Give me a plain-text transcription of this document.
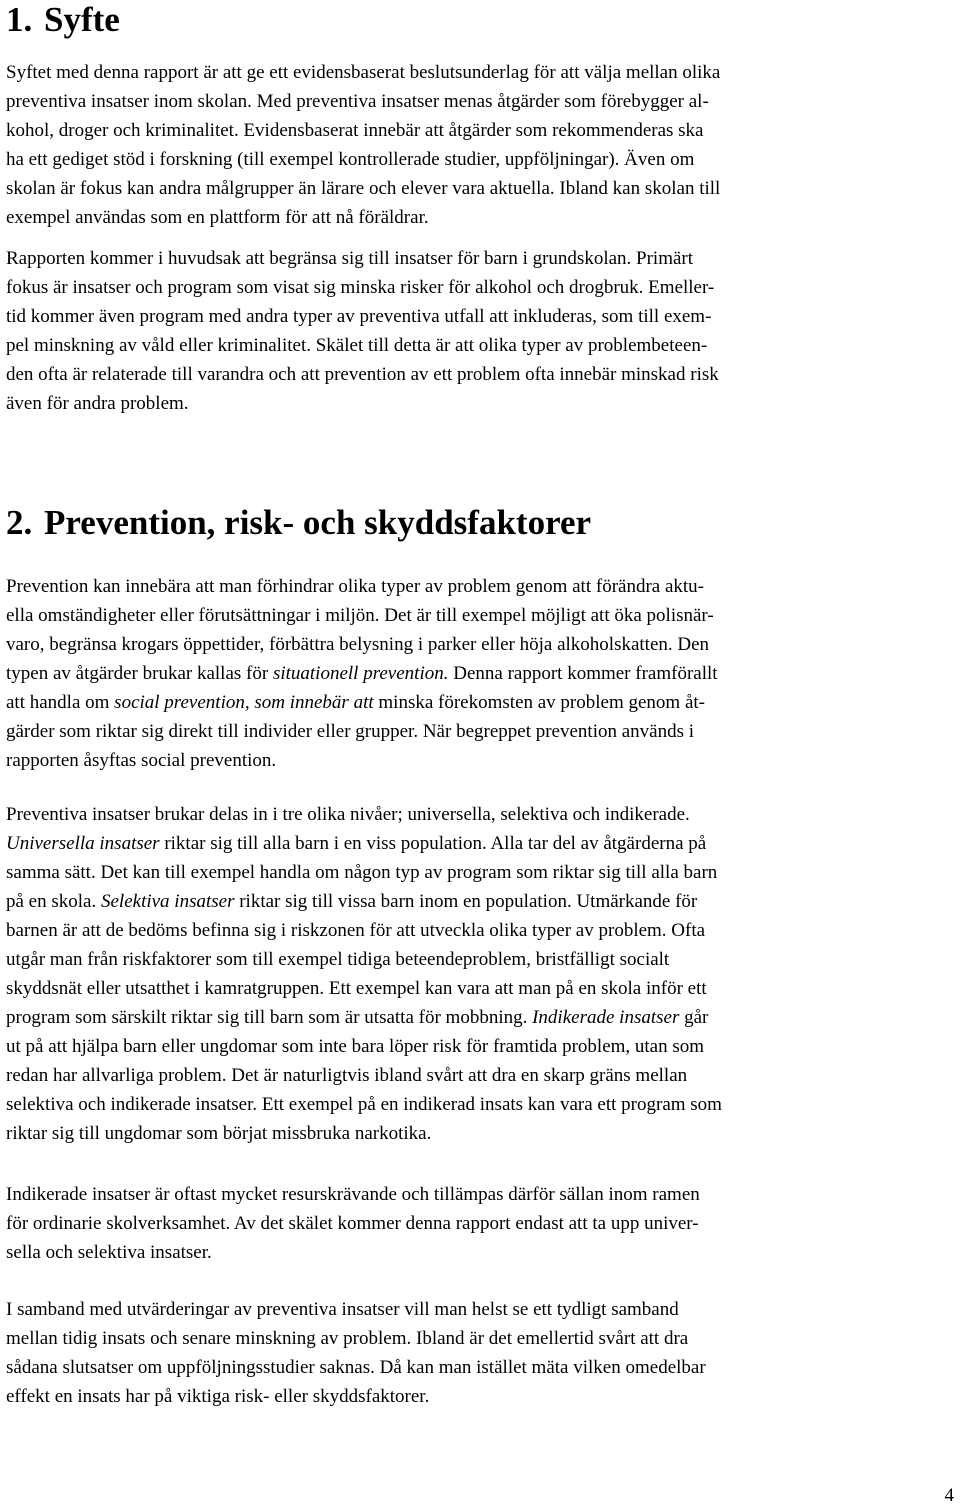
1. Syfte

Syftet med denna rapport är att ge ett evidensbaserat beslutsunderlag för att välja mellan olika
preventiva insatser inom skolan. Med preventiva insatser menas åtgärder som förebygger al-
kohol, droger och kriminalitet. Evidensbaserat innebär att åtgärder som rekommenderas ska
ha ett gediget stöd i forskning (till exempel kontrollerade studier, uppföljningar). Även om
skolan är fokus kan andra målgrupper än lärare och elever vara aktuella. Ibland kan skolan till
exempel användas som en plattform för att nå föräldrar.

Rapporten kommer i huvudsak att begränsa sig till insatser för barn i grundskolan. Primärt
fokus är insatser och program som visat sig minska risker för alkohol och drogbruk. Emeller-
tid kommer även program med andra typer av preventiva utfall att inkluderas, som till exem-
pel minskning av våld eller kriminalitet. Skälet till detta är att olika typer av problembeteen-
den ofta är relaterade till varandra och att prevention av ett problem ofta innebär minskad risk
även för andra problem.

2. Prevention, risk- och skyddsfaktorer

Prevention kan innebära att man förhindrar olika typer av problem genom att förändra aktu-
ella omständigheter eller förutsättningar i miljön. Det är till exempel möjligt att öka polisnär-
varo, begränsa krogars öppettider, förbättra belysning i parker eller höja alkoholskatten. Den
typen av åtgärder brukar kallas för situationell prevention. Denna rapport kommer framförallt
att handla om social prevention, som innebär att minska förekomsten av problem genom åt-
gärder som riktar sig direkt till individer eller grupper. När begreppet prevention används i
rapporten åsyftas social prevention.

Preventiva insatser brukar delas in i tre olika nivåer; universella, selektiva och indikerade.
Universella insatser riktar sig till alla barn i en viss population. Alla tar del av åtgärderna på
samma sätt. Det kan till exempel handla om någon typ av program som riktar sig till alla barn
på en skola. Selektiva insatser riktar sig till vissa barn inom en population. Utmärkande för
barnen är att de bedöms befinna sig i riskzonen för att utveckla olika typer av problem. Ofta
utgår man från riskfaktorer som till exempel tidiga beteendeproblem, bristfälligt socialt
skyddsnät eller utsatthet i kamratgruppen. Ett exempel kan vara att man på en skola inför ett
program som särskilt riktar sig till barn som är utsatta för mobbning. Indikerade insatser går
ut på att hjälpa barn eller ungdomar som inte bara löper risk för framtida problem, utan som
redan har allvarliga problem. Det är naturligtvis ibland svårt att dra en skarp gräns mellan
selektiva och indikerade insatser. Ett exempel på en indikerad insats kan vara ett program som
riktar sig till ungdomar som börjat missbruka narkotika.

Indikerade insatser är oftast mycket resurskrävande och tillämpas därför sällan inom ramen
för ordinarie skolverksamhet. Av det skälet kommer denna rapport endast att ta upp univer-
sella och selektiva insatser.

I samband med utvärderingar av preventiva insatser vill man helst se ett tydligt samband
mellan tidig insats och senare minskning av problem. Ibland är det emellertid svårt att dra
sådana slutsatser om uppföljningsstudier saknas. Då kan man istället mäta vilken omedelbar
effekt en insats har på viktiga risk- eller skyddsfaktorer.

4
